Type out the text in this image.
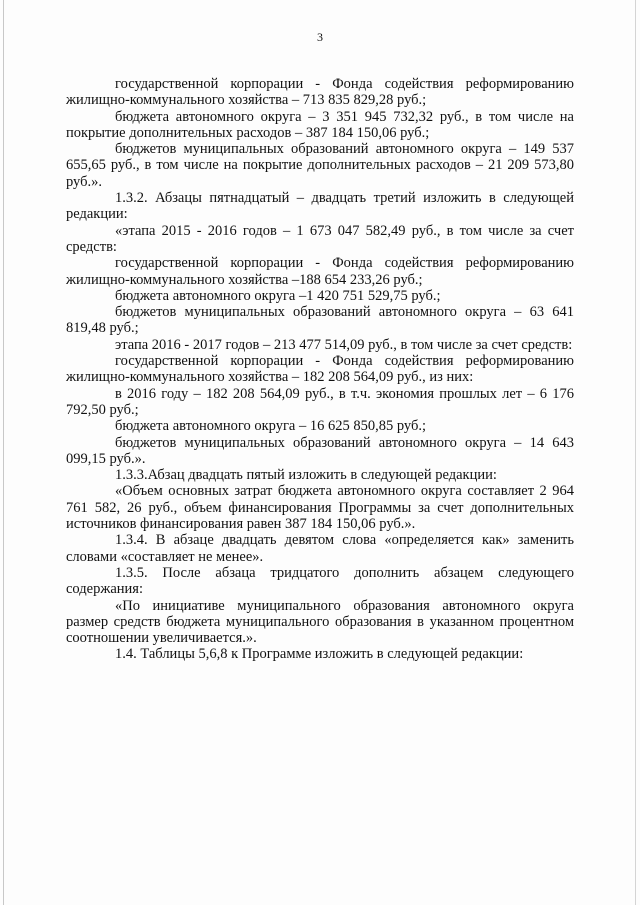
3

государственной корпорации - Фонда содействия реформированию жилищно-коммунального хозяйства – 713 835 829,28 руб.;

бюджета автономного округа – 3 351 945 732,32 руб., в том числе на покрытие дополнительных расходов – 387 184 150,06 руб.;

бюджетов муниципальных образований автономного округа – 149 537 655,65 руб., в том числе на покрытие дополнительных расходов – 21 209 573,80 руб.».

1.3.2. Абзацы пятнадцатый – двадцать третий изложить в следующей редакции:

«этапа 2015 - 2016 годов – 1 673 047 582,49 руб., в том числе за счет средств:

государственной корпорации - Фонда содействия реформированию жилищно-коммунального хозяйства –188 654 233,26 руб.;

бюджета автономного округа –1 420 751 529,75 руб.;

бюджетов муниципальных образований автономного округа – 63 641 819,48 руб.;

этапа 2016 - 2017 годов – 213 477 514,09 руб., в том числе за счет средств:

государственной корпорации - Фонда содействия реформированию жилищно-коммунального хозяйства – 182 208 564,09 руб., из них:

в 2016 году – 182 208 564,09 руб., в т.ч. экономия прошлых лет – 6 176 792,50 руб.;

бюджета автономного округа – 16 625 850,85 руб.;

бюджетов муниципальных образований автономного округа – 14 643 099,15 руб.».

1.3.3.Абзац двадцать пятый изложить в следующей редакции:

«Объем основных затрат бюджета автономного округа составляет 2 964 761 582, 26 руб., объем финансирования Программы за счет дополнительных источников финансирования равен 387 184 150,06 руб.».

1.3.4. В абзаце двадцать девятом слова «определяется как» заменить словами «составляет не менее».

1.3.5. После абзаца тридцатого дополнить абзацем следующего содержания:

«По инициативе муниципального образования автономного округа размер средств бюджета муниципального образования в указанном процентном соотношении увеличивается.».

1.4. Таблицы 5,6,8 к Программе изложить в следующей редакции:
